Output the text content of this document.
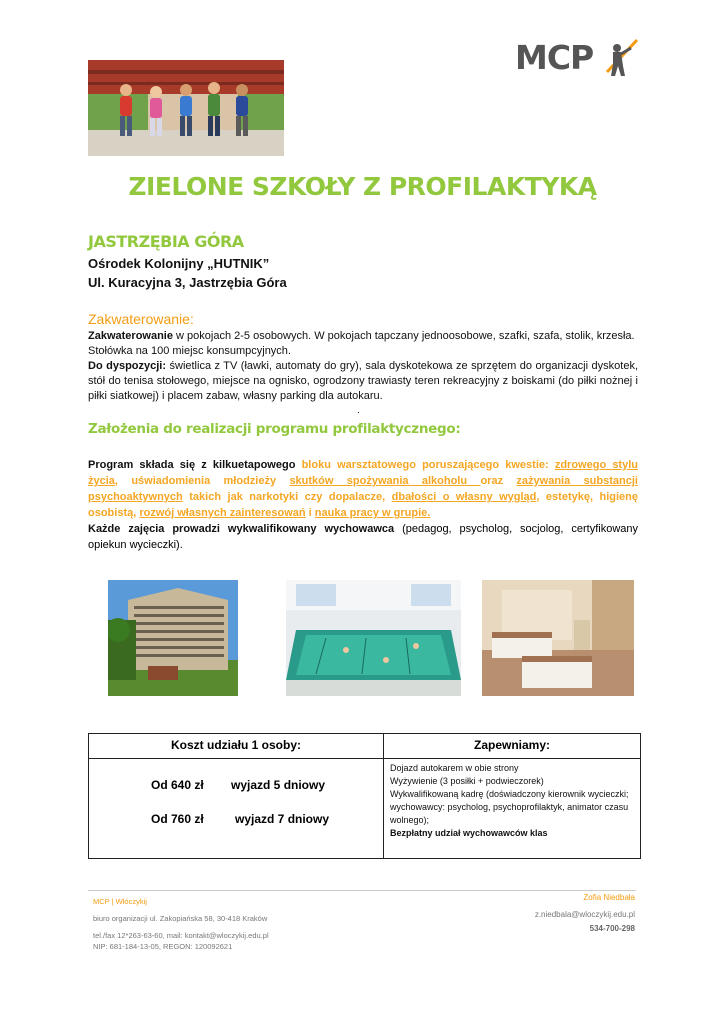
MCP
ZIELONE SZKOŁY Z PROFILAKTYKĄ
JASTRZĘBIA GÓRA
Ośrodek Kolonijny „HUTNIK”
Ul. Kuracyjna 3, Jastrzębia Góra
Zakwaterowanie:
Zakwaterowanie w pokojach 2-5 osobowych. W pokojach tapczany jednoosobowe, szafki, szafa, stolik, krzesła. Stołówka na 100 miejsc konsumpcyjnych.
Do dyspozycji: świetlica z TV (ławki, automaty do gry), sala dyskotekowa ze sprzętem do organizacji dyskotek, stół do tenisa stołowego, miejsce na ognisko, ogrodzony trawiasty teren rekreacyjny z boiskami (do piłki nożnej i piłki siatkowej) i placem zabaw, własny parking dla autokaru.
.
Założenia do realizacji programu profilaktycznego:
Program składa się z kilkuetapowego bloku warsztatowego poruszającego kwestie: zdrowego stylu życia, uświadomienia młodzieży skutków spożywania alkoholu oraz zażywania substancji psychoaktywnych takich jak narkotyki czy dopalacze, dbałości o własny wygląd, estetykę, higienę osobistą, rozwój własnych zainteresowań i nauka pracy w grupie.
Każde zajęcia prowadzi wykwalifikowany wychowawca (pedagog, psycholog, socjolog, certyfikowany opiekun wycieczki).
Koszt udziału 1 osoby:	Zapewniamy:
Od 640 zł wyjazd 5 dniowy
Od 760 zł	wyjazd 7 dniowy
Dojazd autokarem w obie strony
Wyżywienie (3 posiłki + podwieczorek)
Wykwalifikowaną kadrę (doświadczony kierownik wycieczki; wychowawcy: psycholog, psychoprofilaktyk, animator czasu wolnego);
Bezpłatny udział wychowawców klas
MCP | Włóczykij
biuro organizacji ul. Zakopiańska 58, 30-418 Kraków
tel./fax 12*263-63-60, mail: kontakt@wloczykij.edu.pl
NIP: 681-184-13-05, REGON: 120092621
Zofia Niedbała
z.niedbala@wloczykij.edu.pl
534-700-298
